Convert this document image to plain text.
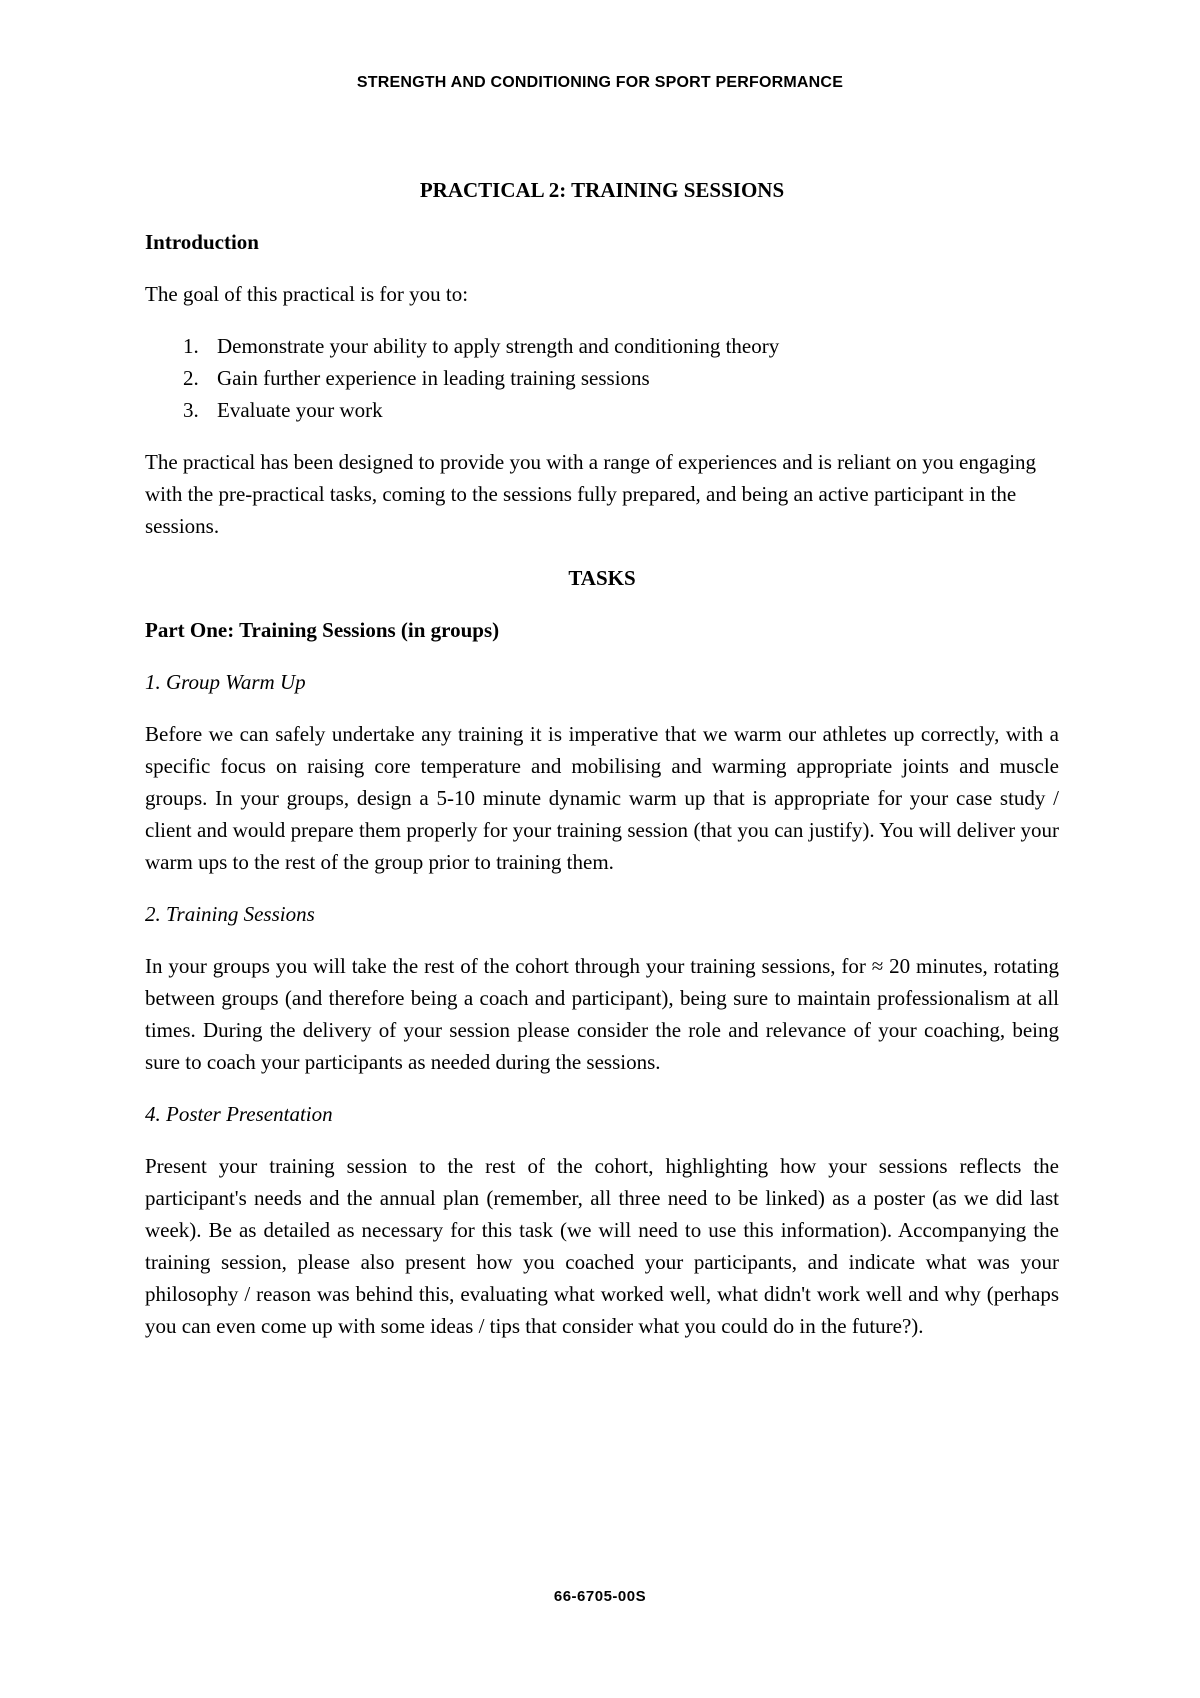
STRENGTH AND CONDITIONING FOR SPORT PERFORMANCE
PRACTICAL 2: TRAINING SESSIONS
Introduction

The goal of this practical is for you to:

1. Demonstrate your ability to apply strength and conditioning theory
2. Gain further experience in leading training sessions
3. Evaluate your work

The practical has been designed to provide you with a range of experiences and is reliant on you engaging with the pre-practical tasks, coming to the sessions fully prepared, and being an active participant in the sessions.

TASKS
Part One: Training Sessions (in groups)
1. Group Warm Up

Before we can safely undertake any training it is imperative that we warm our athletes up correctly, with a specific focus on raising core temperature and mobilising and warming appropriate joints and muscle groups. In your groups, design a 5-10 minute dynamic warm up that is appropriate for your case study / client and would prepare them properly for your training session (that you can justify). You will deliver your warm ups to the rest of the group prior to training them.

2. Training Sessions

In your groups you will take the rest of the cohort through your training sessions, for ≈ 20 minutes, rotating between groups (and therefore being a coach and participant), being sure to maintain professionalism at all times. During the delivery of your session please consider the role and relevance of your coaching, being sure to coach your participants as needed during the sessions.

4. Poster Presentation

Present your training session to the rest of the cohort, highlighting how your sessions reflects the participant's needs and the annual plan (remember, all three need to be linked) as a poster (as we did last week). Be as detailed as necessary for this task (we will need to use this information). Accompanying the training session, please also present how you coached your participants, and indicate what was your philosophy / reason was behind this, evaluating what worked well, what didn't work well and why (perhaps you can even come up with some ideas / tips that consider what you could do in the future?).

66-6705-00S
